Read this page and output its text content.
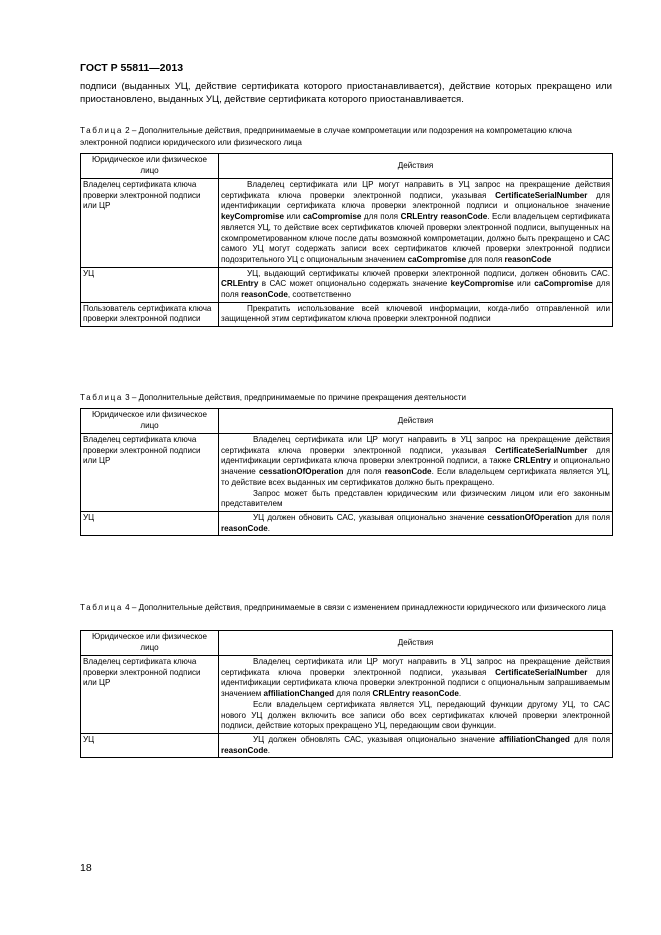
ГОСТ Р 55811—2013
подписи (выданных УЦ, действие сертификата которого приостанавливается), действие которых прекращено или приостановлено, выданных УЦ, действие сертификата которого приостанавливается.
Таблица 2 – Дополнительные действия, предпринимаемые в случае компрометации или подозрения на компрометацию ключа электронной подписи юридического или физического лица
Юридическое или физическое лицо	Действия
Владелец сертификата ключа проверки электронной подписи или ЦР	Владелец сертификата или ЦР могут направить в УЦ запрос на прекращение действия сертификата ключа проверки электронной подписи, указывая CertificateSerialNumber для идентификации сертификата ключа проверки электронной подписи и опциональное значение keyCompromise или caCompromise для поля CRLEntry reasonCode. Если владельцем сертификата является УЦ, то действие всех сертификатов ключей проверки электронной подписи, выпущенных на скомпрометированном ключе после даты возможной компрометации, должно быть прекращено и САС самого УЦ могут содержать записи всех сертификатов ключей проверки электронной подписи подозрительного УЦ с опциональным значением caCompromise для поля reasonCode

УЦ	УЦ, выдающий сертификаты ключей проверки электронной подписи, должен обновить САС. CRLEntry в САС может опционально содержать значение keyCompromise или caCompromise для поля reasonCode, соответственно

Пользователь сертификата ключа проверки электронной подписи	Прекратить использование всей ключевой информации, когда-либо отправленной или защищенной этим сертификатом ключа проверки электронной подписи

Таблица 3 – Дополнительные действия, предпринимаемые по причине прекращения деятельности
Юридическое или физическое лицо	Действия
Владелец сертификата ключа проверки электронной подписи или ЦР	Владелец сертификата или ЦР могут направить в УЦ запрос на прекращение действия сертификата ключа проверки электронной подписи, указывая CertificateSerialNumber для идентификации сертификата ключа проверки электронной подписи, а также CRLEntry и опционально значение cessationOfOperation для поля reasonCode. Если владельцем сертификата является УЦ, то действие всех выданных им сертификатов должно быть прекращено.

Запрос может быть представлен юридическим или физическим лицом или его законным представителем

УЦ	УЦ должен обновить САС, указывая опционально значение cessationOfOperation для поля reasonCode.

Таблица 4 – Дополнительные действия, предпринимаемые в связи с изменением принадлежности юридического или физического лица
Юридическое или физическое лицо	Действия
Владелец сертификата ключа проверки электронной подписи или ЦР	Владелец сертификата или ЦР могут направить в УЦ запрос на прекращение действия сертификата ключа проверки электронной подписи, указывая CertificateSerialNumber для идентификации сертификата ключа проверки электронной подписи с опциональным запрашиваемым значением affiliationChanged для поля CRLEntry reasonCode.

Если владельцем сертификата является УЦ, передающий функции другому УЦ, то САС нового УЦ должен включить все записи обо всех сертификатах ключей проверки электронной подписи, действие которых прекращено УЦ, передающим свои функции.

УЦ	УЦ должен обновлять САС, указывая опционально значение affiliationChanged для поля reasonCode.

18
